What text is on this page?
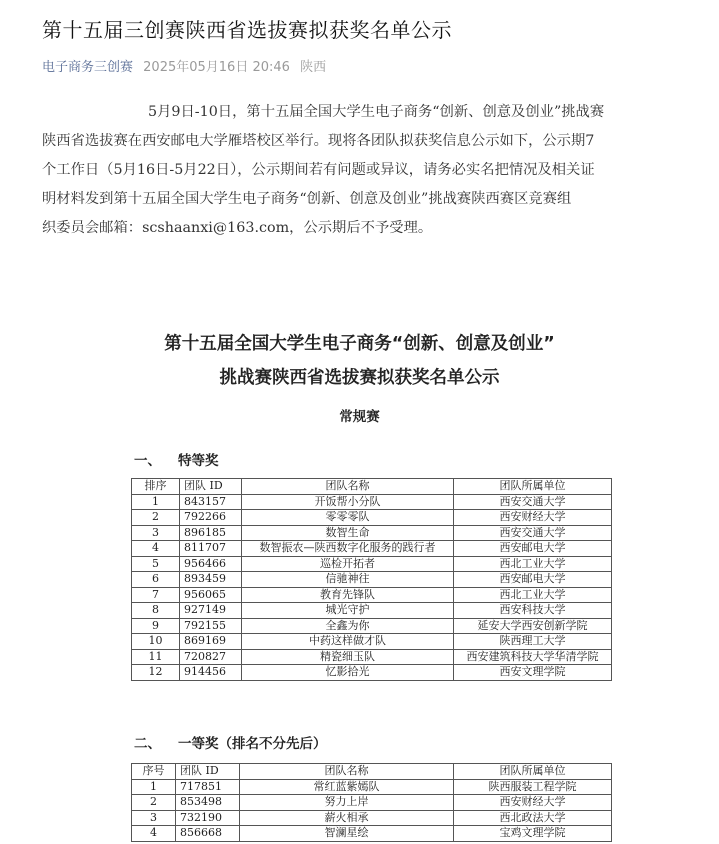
第十五届三创赛陕西省选拔赛拟获奖名单公示
电子商务三创赛 2025年05月16日 20:46 陕西
5月9日-10日，第十五届全国大学生电子商务“创新、创意及创业”挑战赛
陕西省选拔赛在西安邮电大学雁塔校区举行。现将各团队拟获奖信息公示如下，公示期7
个工作日（5月16日-5月22日），公示期间若有问题或异议，请务必实名把情况及相关证
明材料发到第十五届全国大学生电子商务“创新、创意及创业”挑战赛陕西赛区竞赛组
织委员会邮箱：scshaanxi@163.com，公示期后不予受理。
第十五届全国大学生电子商务“创新、创意及创业”
挑战赛陕西省选拔赛拟获奖名单公示
常规赛
一、 特等奖
排序	团队 ID	团队名称	团队所属单位
1	843157	开饭帮小分队	西安交通大学
2	792266	零零零队	西安财经大学
3	896185	数智生命	西安交通大学
4	811707	数智振农—陕西数字化服务的践行者	西安邮电大学
5	956466	巡检开拓者	西北工业大学
6	893459	信驰神往	西安邮电大学
7	956065	教育先锋队	西北工业大学
8	927149	城光守护	西安科技大学
9	792155	全鑫为你	延安大学西安创新学院
10	869169	中药这样做才队	陕西理工大学
11	720827	精瓷细玉队	西安建筑科技大学华清学院
12	914456	忆影拾光	西安文理学院
二、 一等奖（排名不分先后）
序号	团队 ID	团队名称	团队所属单位
1	717851	常红蓝紫嫣队	陕西服装工程学院
2	853498	努力上岸	西安财经大学
3	732190	薪火相承	西北政法大学
4	856668	智澜星绘	宝鸡文理学院
